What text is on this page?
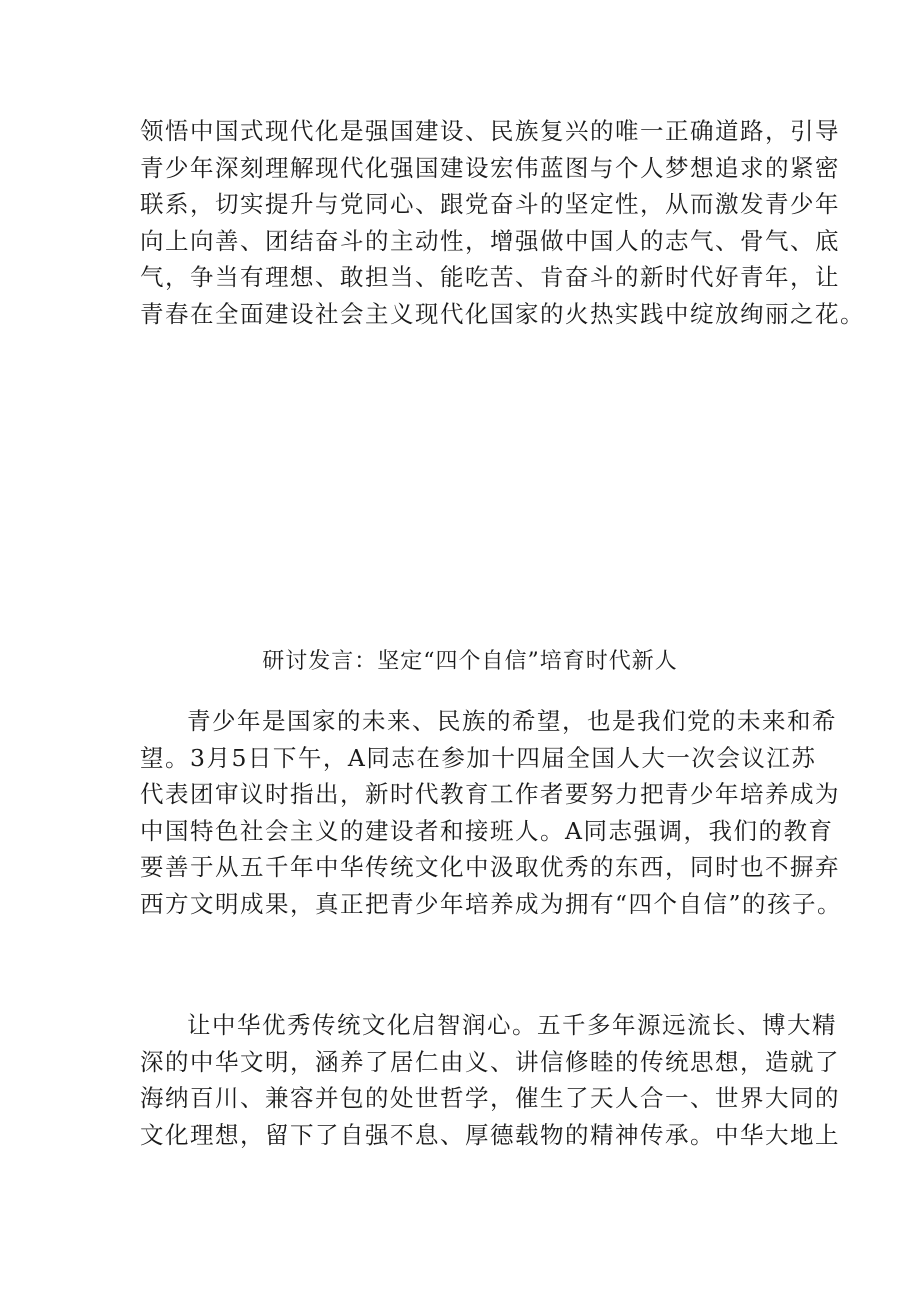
领悟中国式现代化是强国建设、民族复兴的唯一正确道路，引导
青少年深刻理解现代化强国建设宏伟蓝图与个人梦想追求的紧密
联系，切实提升与党同心、跟党奋斗的坚定性，从而激发青少年
向上向善、团结奋斗的主动性，增强做中国人的志气、骨气、底
气，争当有理想、敢担当、能吃苦、肯奋斗的新时代好青年，让
青春在全面建设社会主义现代化国家的火热实践中绽放绚丽之花。
研讨发言：坚定“四个自信”培育时代新人
青少年是国家的未来、民族的希望，也是我们党的未来和希
望。3月5日下午，A同志在参加十四届全国人大一次会议江苏
代表团审议时指出，新时代教育工作者要努力把青少年培养成为
中国特色社会主义的建设者和接班人。A同志强调，我们的教育
要善于从五千年中华传统文化中汲取优秀的东西，同时也不摒弃
西方文明成果，真正把青少年培养成为拥有“四个自信”的孩子。
让中华优秀传统文化启智润心。五千多年源远流长、博大精
深的中华文明，涵养了居仁由义、讲信修睦的传统思想，造就了
海纳百川、兼容并包的处世哲学，催生了天人合一、世界大同的
文化理想，留下了自强不息、厚德载物的精神传承。中华大地上
